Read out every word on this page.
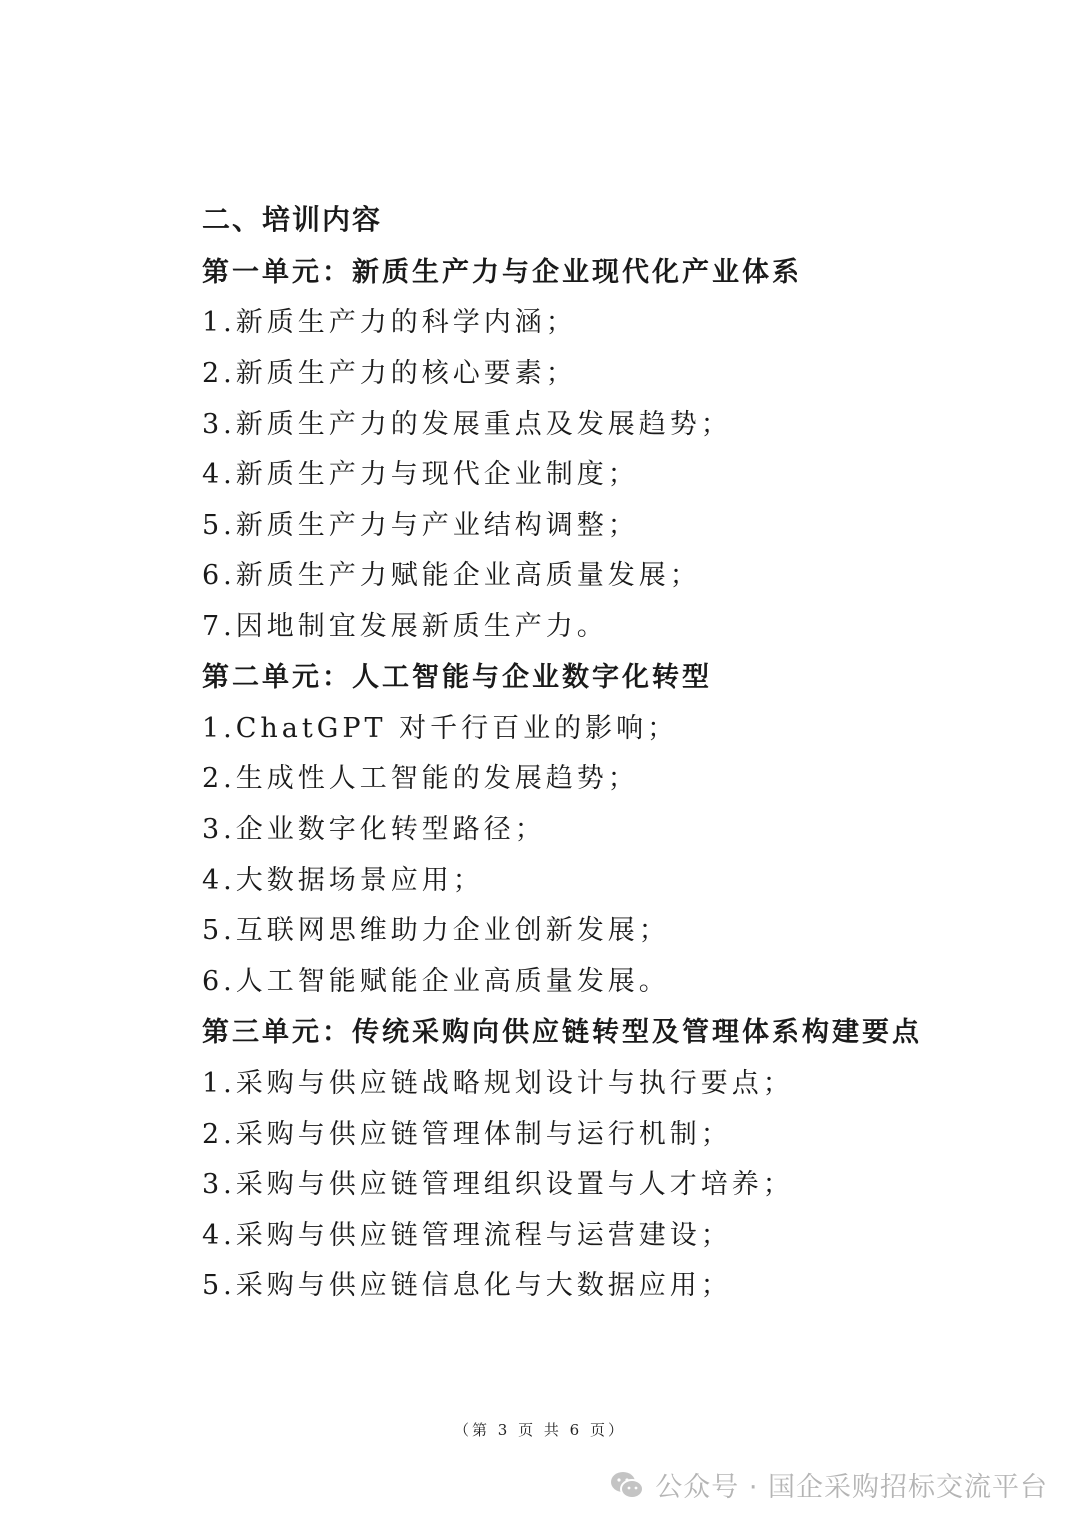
二、培训内容
第一单元：新质生产力与企业现代化产业体系
1.新质生产力的科学内涵；
2.新质生产力的核心要素；
3.新质生产力的发展重点及发展趋势；
4.新质生产力与现代企业制度；
5.新质生产力与产业结构调整；
6.新质生产力赋能企业高质量发展；
7.因地制宜发展新质生产力。
第二单元：人工智能与企业数字化转型
1.ChatGPT 对千行百业的影响；
2.生成性人工智能的发展趋势；
3.企业数字化转型路径；
4.大数据场景应用；
5.互联网思维助力企业创新发展；
6.人工智能赋能企业高质量发展。
第三单元：传统采购向供应链转型及管理体系构建要点
1.采购与供应链战略规划设计与执行要点；
2.采购与供应链管理体制与运行机制；
3.采购与供应链管理组织设置与人才培养；
4.采购与供应链管理流程与运营建设；
5.采购与供应链信息化与大数据应用；
（第 3 页 共 6 页）
公众号 · 国企采购招标交流平台
